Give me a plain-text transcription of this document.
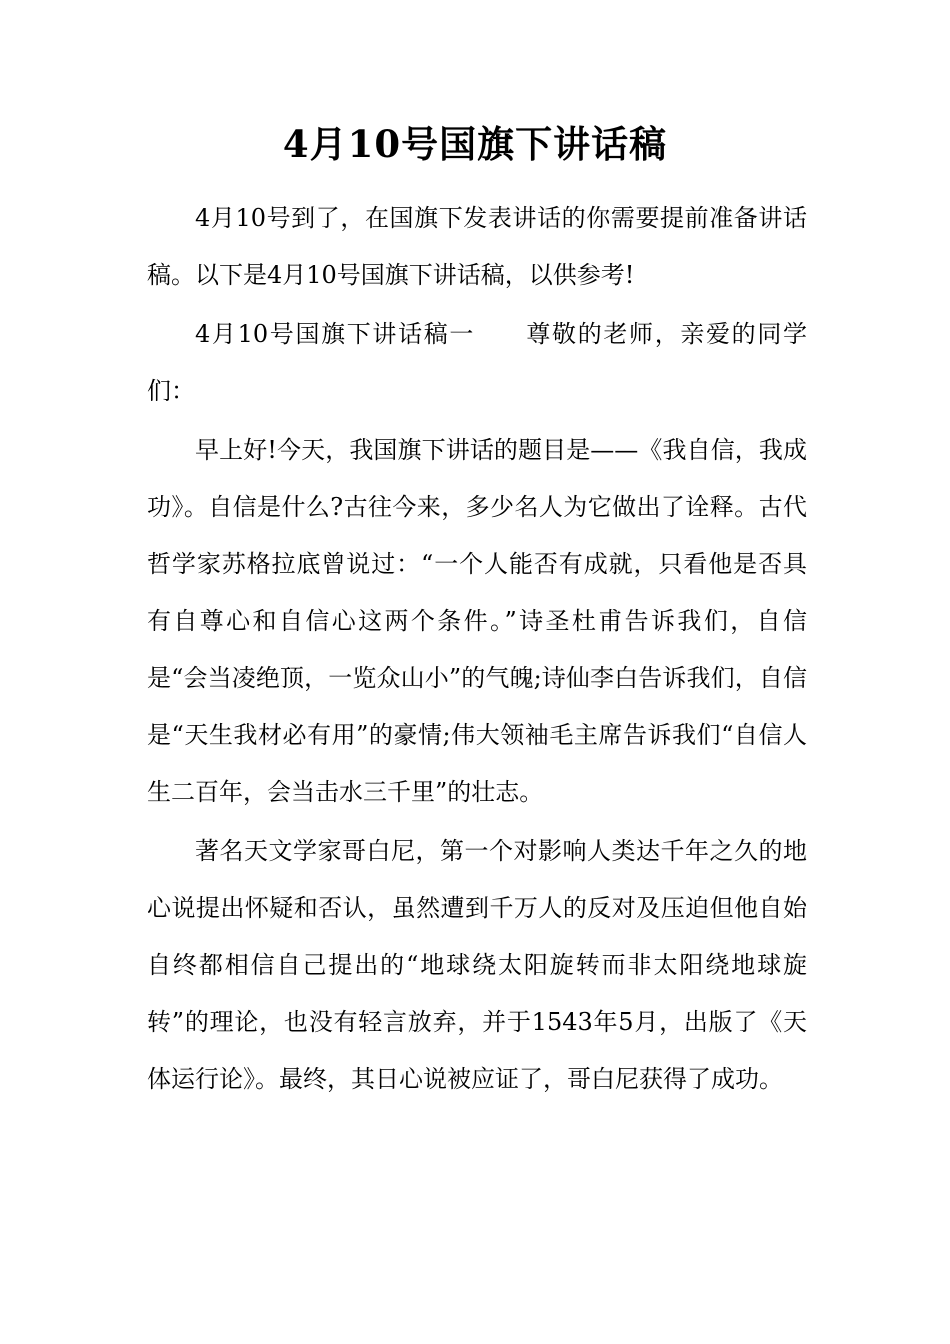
4月10号国旗下讲话稿

4月10号到了，在国旗下发表讲话的你需要提前准备讲话稿。以下是4月10号国旗下讲话稿，以供参考!

4月10号国旗下讲话稿一　　尊敬的老师，亲爱的同学们：

早上好!今天，我国旗下讲话的题目是——《我自信，我成功》。自信是什么?古往今来，多少名人为它做出了诠释。古代哲学家苏格拉底曾说过：“一个人能否有成就，只看他是否具有自尊心和自信心这两个条件。”诗圣杜甫告诉我们，自信是“会当凌绝顶，一览众山小”的气魄;诗仙李白告诉我们，自信是“天生我材必有用”的豪情;伟大领袖毛主席告诉我们“自信人生二百年，会当击水三千里”的壮志。

著名天文学家哥白尼，第一个对影响人类达千年之久的地心说提出怀疑和否认，虽然遭到千万人的反对及压迫但他自始自终都相信自己提出的“地球绕太阳旋转而非太阳绕地球旋转”的理论，也没有轻言放弃，并于1543年5月，出版了《天体运行论》。最终，其日心说被应证了，哥白尼获得了成功。
